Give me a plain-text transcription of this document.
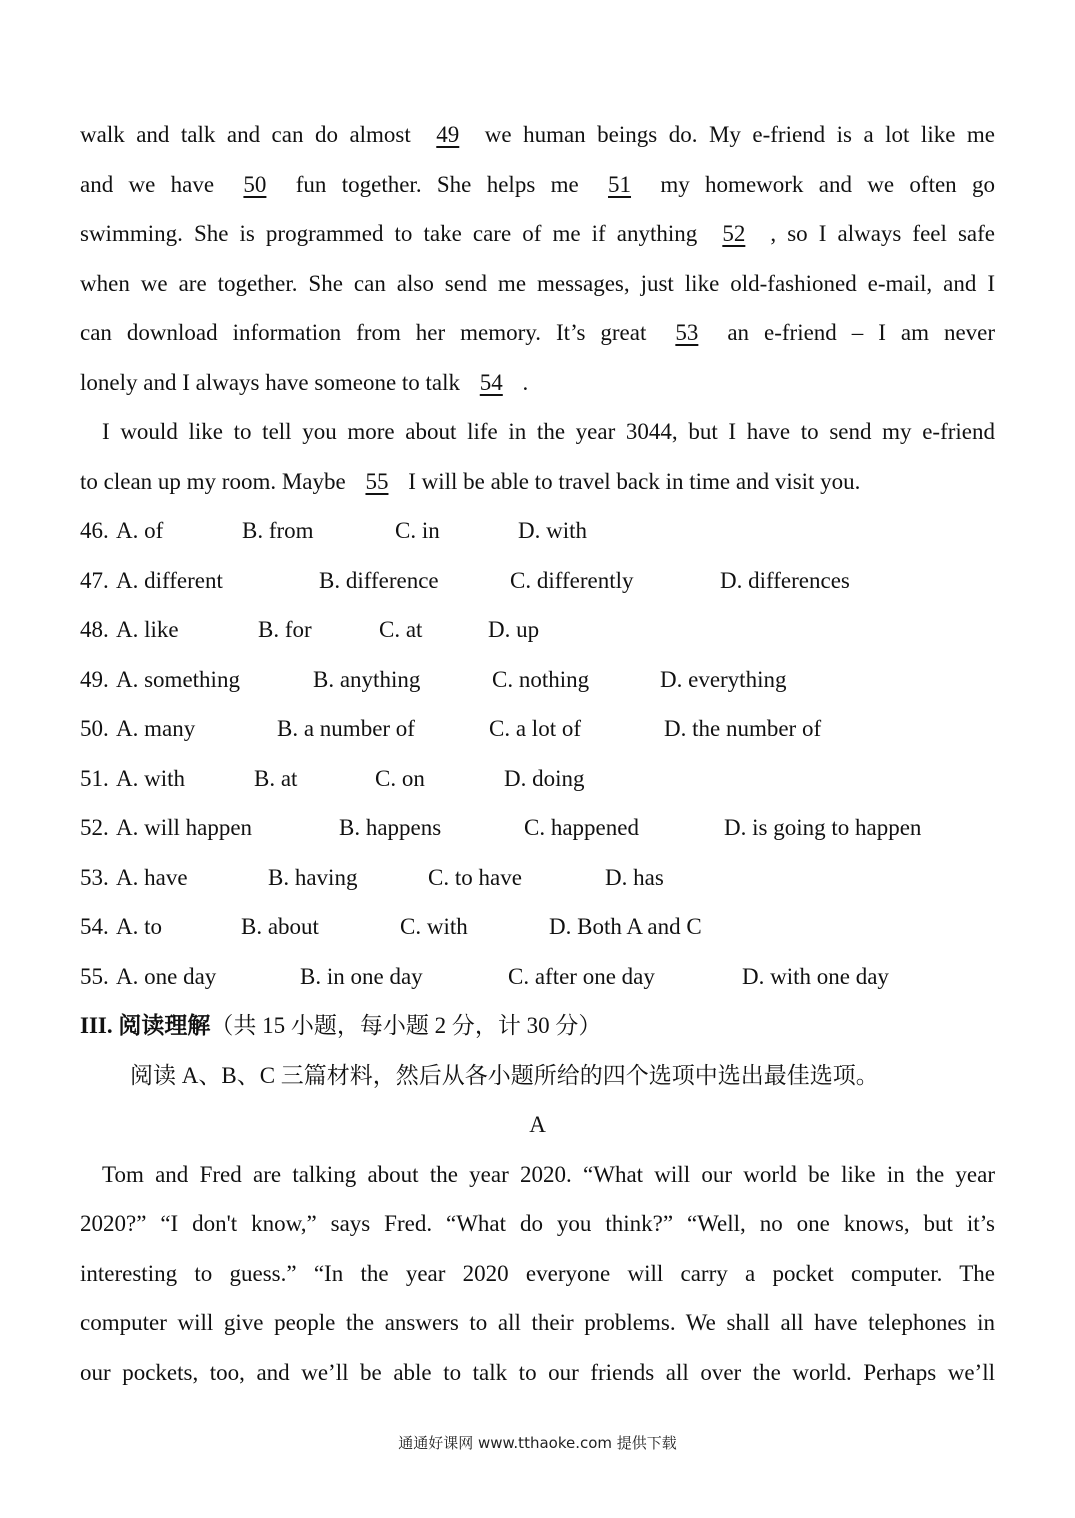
walk and talk and can do almost 49 we human beings do. My e-friend is a lot like me
and we have 50 fun together. She helps me 51 my homework and we often go
swimming. She is programmed to take care of me if anything 52 , so I always feel safe
when we are together. She can also send me messages, just like old-fashioned e-mail, and I
can download information from her memory. It’s great 53 an e-friend – I am never
lonely and I always have someone to talk 54 .
I would like to tell you more about life in the year 3044, but I have to send my e-friend
to clean up my room. Maybe 55 I will be able to travel back in time and visit you.
46. A. of	B. from	C. in	D. with
47. A. different	B. difference	C. differently	D. differences
48. A. like	B. for	C. at	D. up
49. A. something	B. anything	C. nothing	D. everything
50. A. many	B. a number of	C. a lot of	D. the number of
51. A. with	B. at	C. on	D. doing
52. A. will happen	B. happens	C. happened	D. is going to happen
53. A. have	B. having	C. to have	D. has
54. A. to	B. about	C. with	D. Both A and C
55. A. one day	B. in one day	C. after one day	D. with one day
III. 阅读理解（共 15 小题，每小题 2 分，计 30 分）
阅读 A、B、C 三篇材料，然后从各小题所给的四个选项中选出最佳选项。
A
Tom and Fred are talking about the year 2020. “What will our world be like in the year
2020?” “I don't know,” says Fred. “What do you think?” “Well, no one knows, but it’s
interesting to guess.” “In the year 2020 everyone will carry a pocket computer. The
computer will give people the answers to all their problems. We shall all have telephones in
our pockets, too, and we’ll be able to talk to our friends all over the world. Perhaps we’ll
通通好课网 www.tthaoke.com 提供下载
